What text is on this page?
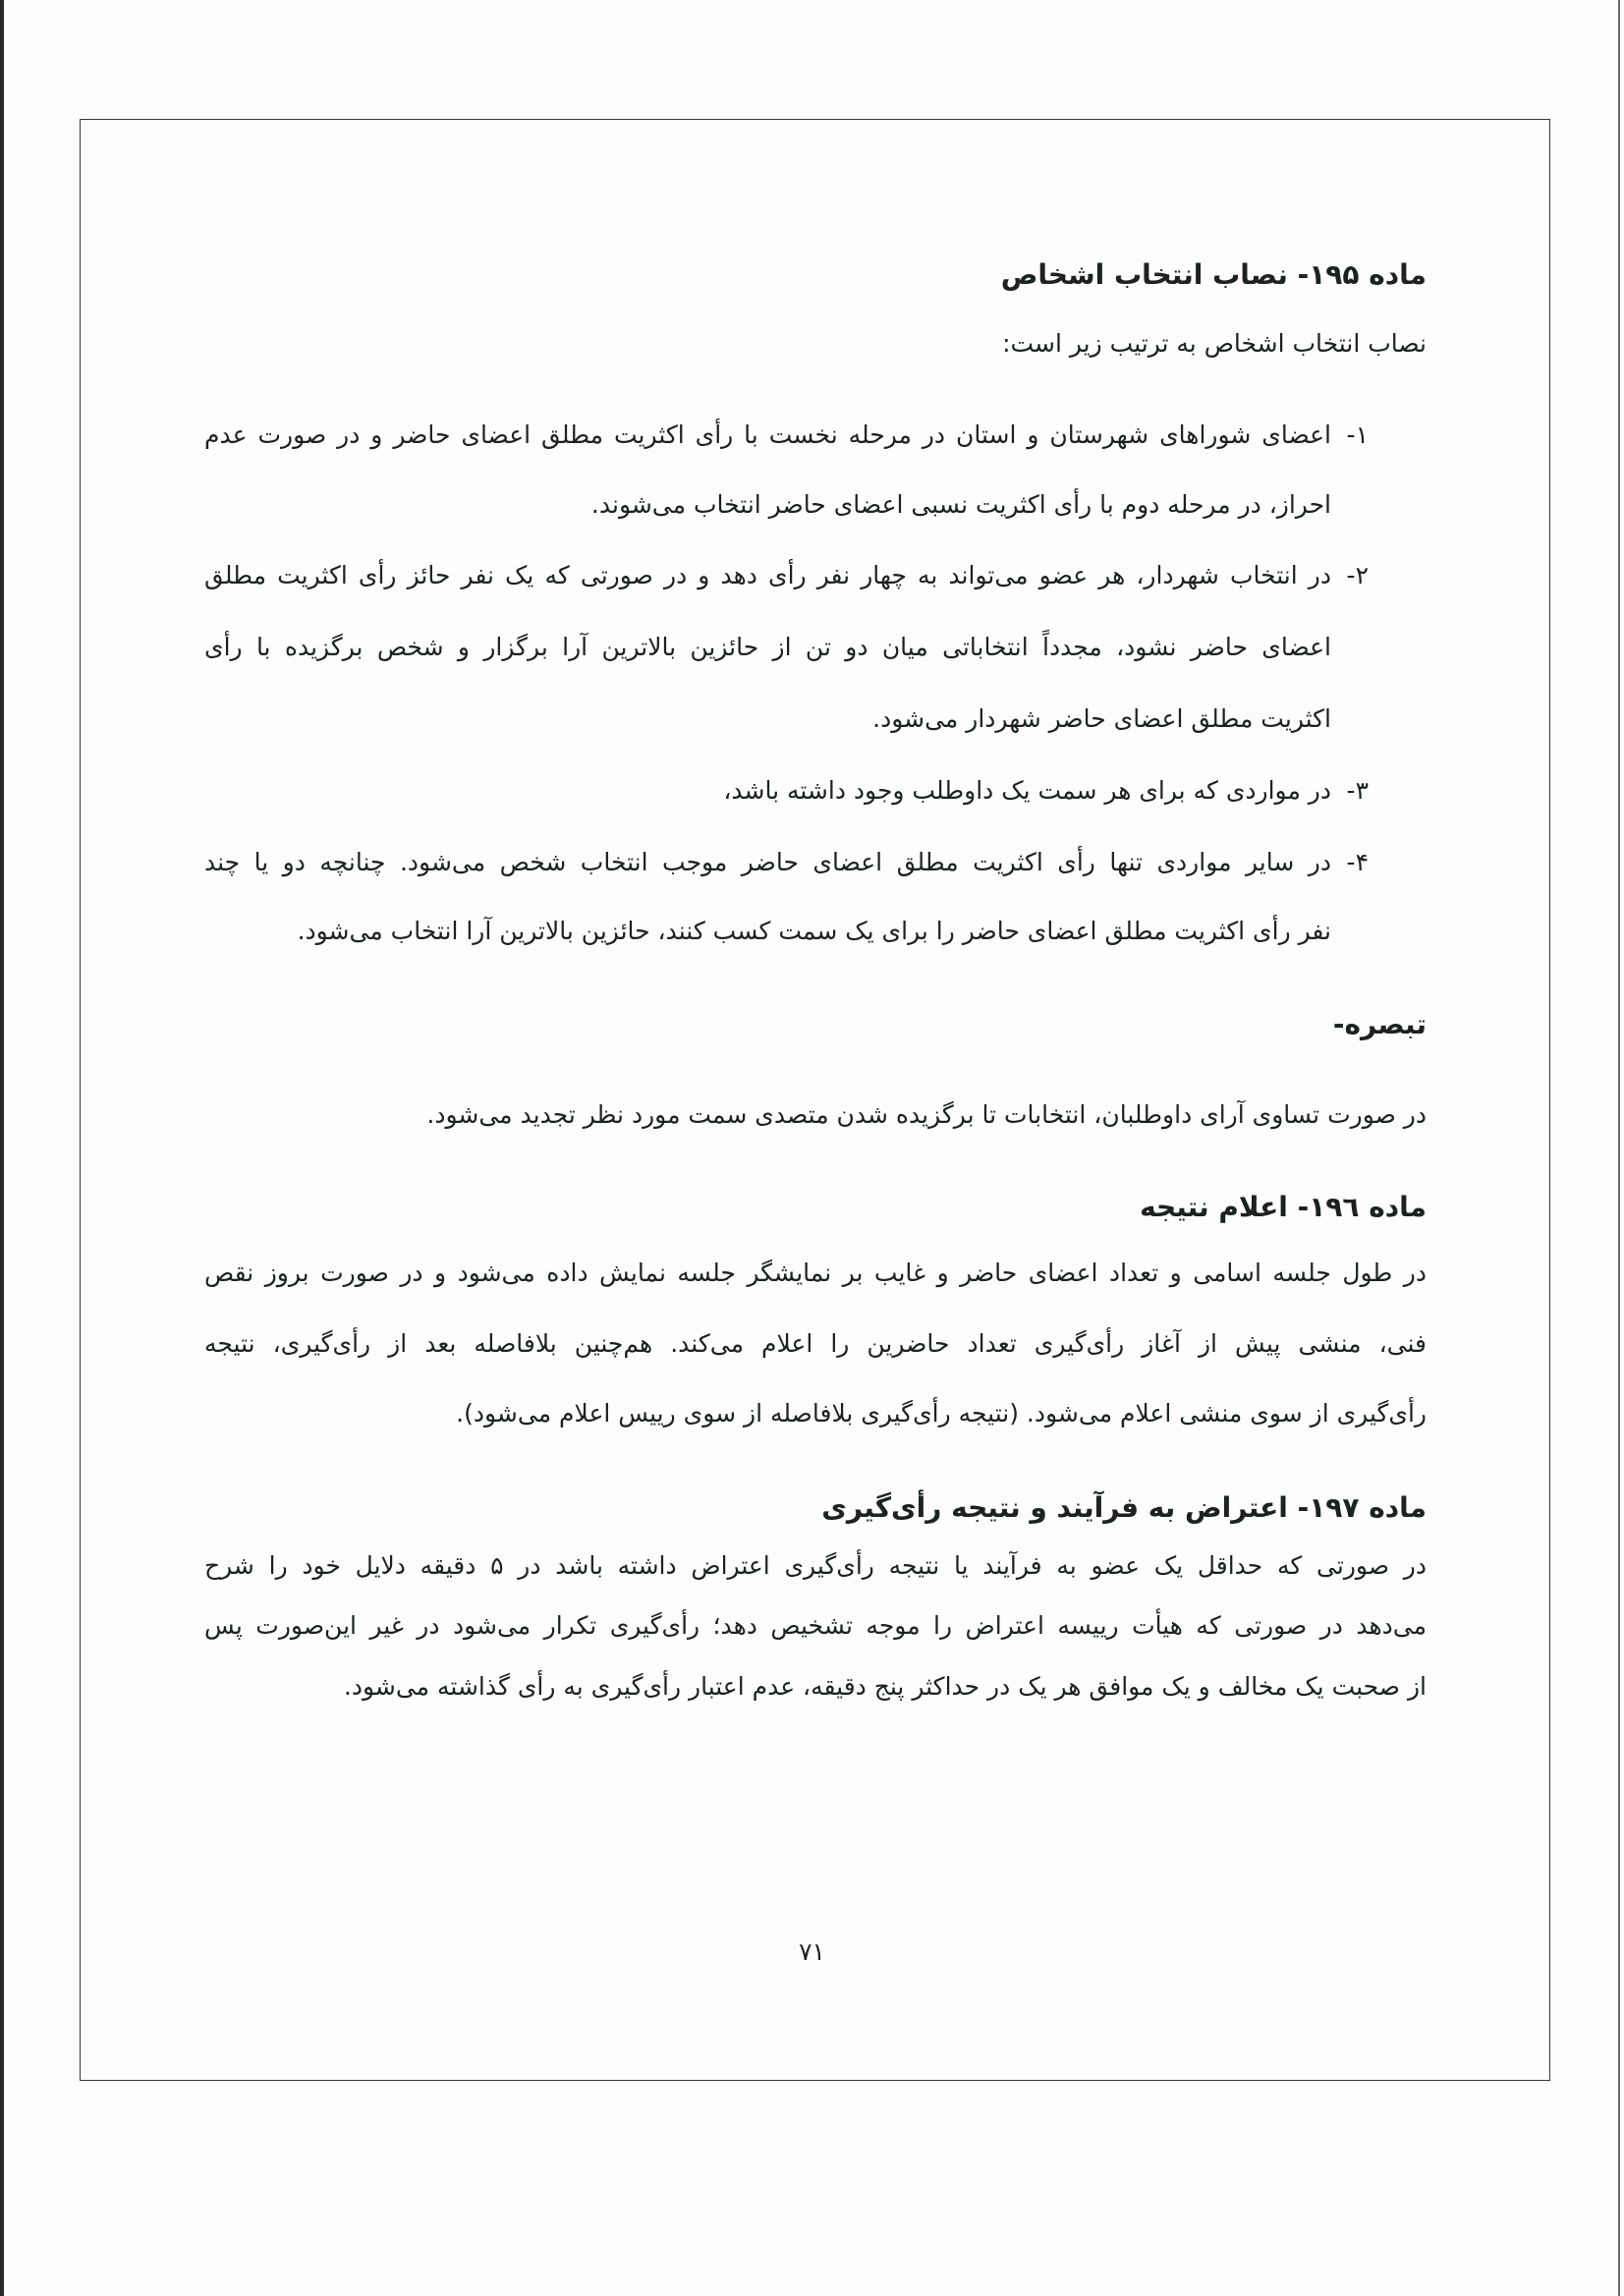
ماده ۱۹۵- نصاب انتخاب اشخاص
نصاب انتخاب اشخاص به ترتیب زیر است:
۱-
اعضای شوراهای شهرستان و استان در مرحله نخست با رأی اکثریت مطلق اعضای حاضر و در صورت عدم
احراز، در مرحله دوم با رأی اکثریت نسبی اعضای حاضر انتخاب می‌شوند.
۲-
در انتخاب شهردار، هر عضو می‌تواند به چهار نفر رأی دهد و در صورتی که یک نفر حائز رأی اکثریت مطلق
اعضای حاضر نشود، مجدداً انتخاباتی میان دو تن از حائزین بالاترین آرا برگزار و شخص برگزیده با رأی
اکثریت مطلق اعضای حاضر شهردار می‌شود.
۳-
در مواردی که برای هر سمت یک داوطلب وجود داشته باشد،
۴-
در سایر مواردی تنها رأی اکثریت مطلق اعضای حاضر موجب انتخاب شخص می‌شود. چنانچه دو یا چند
نفر رأی اکثریت مطلق اعضای حاضر را برای یک سمت کسب کنند، حائزین بالاترین آرا انتخاب می‌شود.
تبصره-
در صورت تساوی آرای داوطلبان، انتخابات تا برگزیده شدن متصدی سمت مورد نظر تجدید می‌شود.
ماده ۱۹٦- اعلام نتیجه
در طول جلسه اسامی و تعداد اعضای حاضر و غایب بر نمایشگر جلسه نمایش داده می‌شود و در صورت بروز نقص
فنی، منشی پیش از آغاز رأی‌گیری تعداد حاضرین را اعلام می‌کند. هم‌چنین بلافاصله بعد از رأی‌گیری، نتیجه
رأی‌گیری از سوی منشی اعلام می‌شود. (نتیجه رأی‌گیری بلافاصله از سوی رییس اعلام می‌شود).
ماده ۱۹۷- اعتراض به فرآیند و نتیجه رأی‌گیری
در صورتی که حداقل یک عضو به فرآیند یا نتیجه رأی‌گیری اعتراض داشته باشد در ۵ دقیقه دلایل خود را شرح
می‌دهد در صورتی که هیأت رییسه اعتراض را موجه تشخیص دهد؛ رأی‌گیری تکرار می‌شود در غیر این‌صورت پس
از صحبت یک مخالف و یک موافق هر یک در حداکثر پنج دقیقه، عدم اعتبار رأی‌گیری به رأی گذاشته می‌شود.
۷۱
